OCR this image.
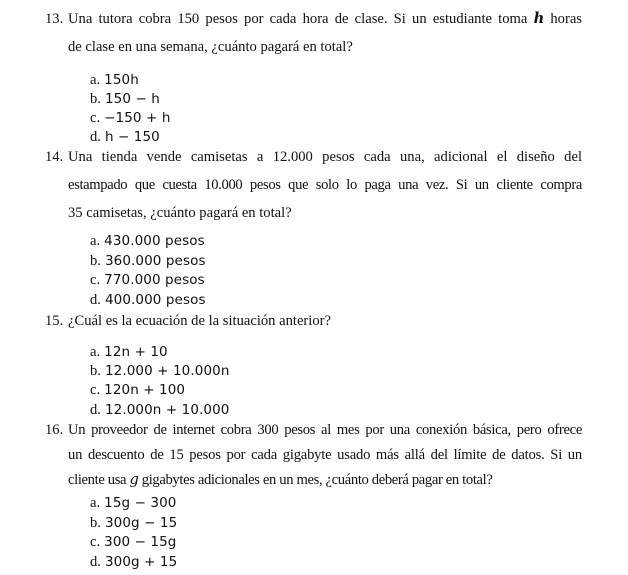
13. Una tutora cobra 150 pesos por cada hora de clase. Si un estudiante toma h horas
de clase en una semana, ¿cuánto pagará en total?
a. 150h
b. 150 − h
c. −150 + h
d. h − 150
14. Una tienda vende camisetas a 12.000 pesos cada una, adicional el diseño del
estampado que cuesta 10.000 pesos que solo lo paga una vez. Si un cliente compra
35 camisetas, ¿cuánto pagará en total?
a. 430.000 pesos
b. 360.000 pesos
c. 770.000 pesos
d. 400.000 pesos
15. ¿Cuál es la ecuación de la situación anterior?
a. 12n + 10
b. 12.000 + 10.000n
c. 120n + 100
d. 12.000n + 10.000
16. Un proveedor de internet cobra 300 pesos al mes por una conexión básica, pero ofrece
un descuento de 15 pesos por cada gigabyte usado más allá del límite de datos. Si un
cliente usa g gigabytes adicionales en un mes, ¿cuánto deberá pagar en total?
a. 15g − 300
b. 300g − 15
c. 300 − 15g
d. 300g + 15
